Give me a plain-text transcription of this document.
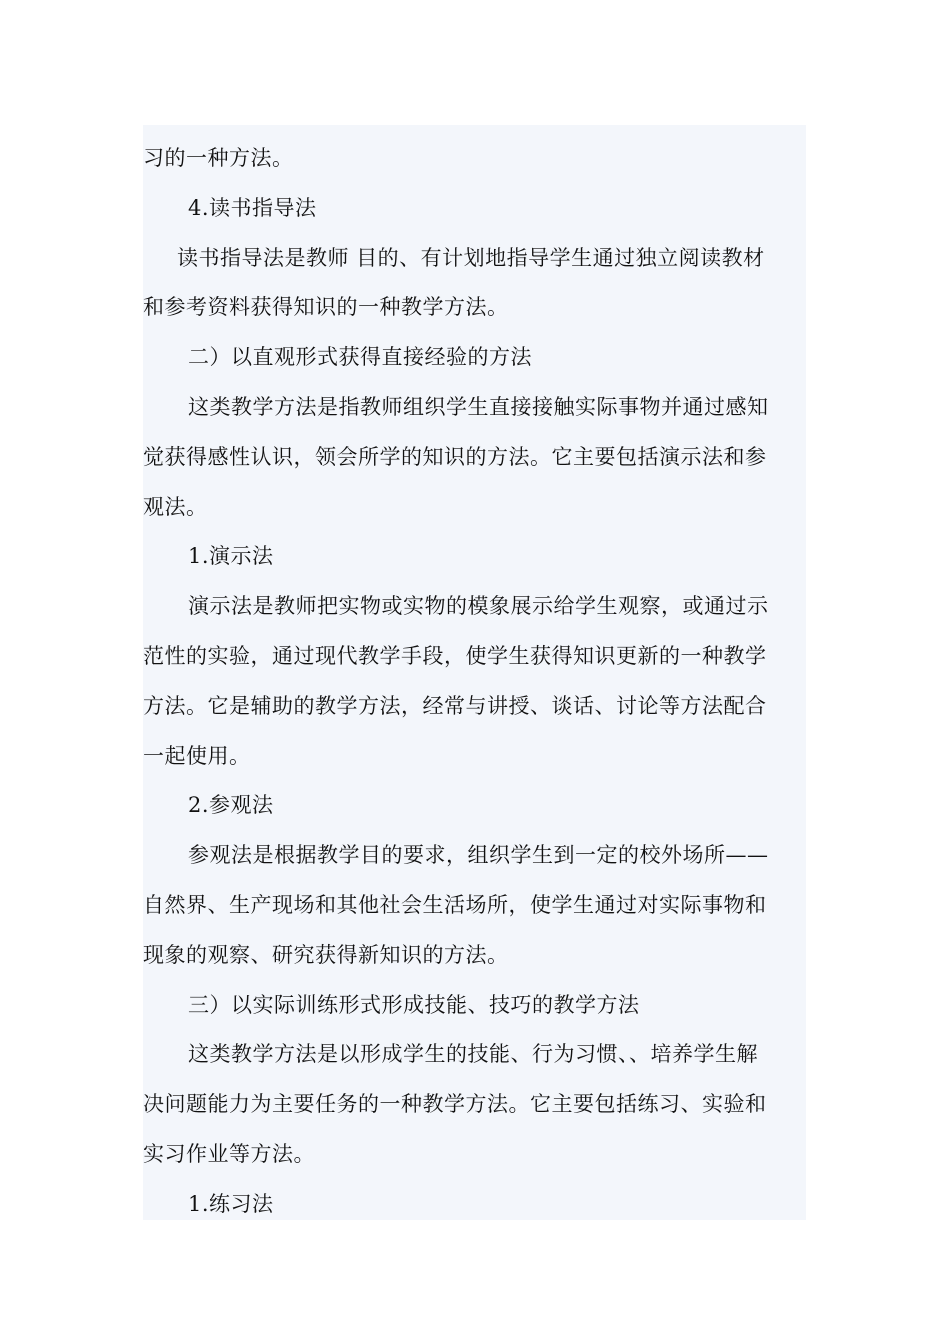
习的一种方法。
4.读书指导法
读书指导法是教师 目的、有计划地指导学生通过独立阅读教材
和参考资料获得知识的一种教学方法。
二）以直观形式获得直接经验的方法
这类教学方法是指教师组织学生直接接触实际事物并通过感知
觉获得感性认识，领会所学的知识的方法。它主要包括演示法和参
观法。
1.演示法
演示法是教师把实物或实物的模象展示给学生观察，或通过示
范性的实验，通过现代教学手段，使学生获得知识更新的一种教学
方法。它是辅助的教学方法，经常与讲授、谈话、讨论等方法配合
一起使用。
2.参观法
参观法是根据教学目的要求，组织学生到一定的校外场所——
自然界、生产现场和其他社会生活场所，使学生通过对实际事物和
现象的观察、研究获得新知识的方法。
三）以实际训练形式形成技能、技巧的教学方法
这类教学方法是以形成学生的技能、行为习惯、、培养学生解
决问题能力为主要任务的一种教学方法。它主要包括练习、实验和
实习作业等方法。
1.练习法
